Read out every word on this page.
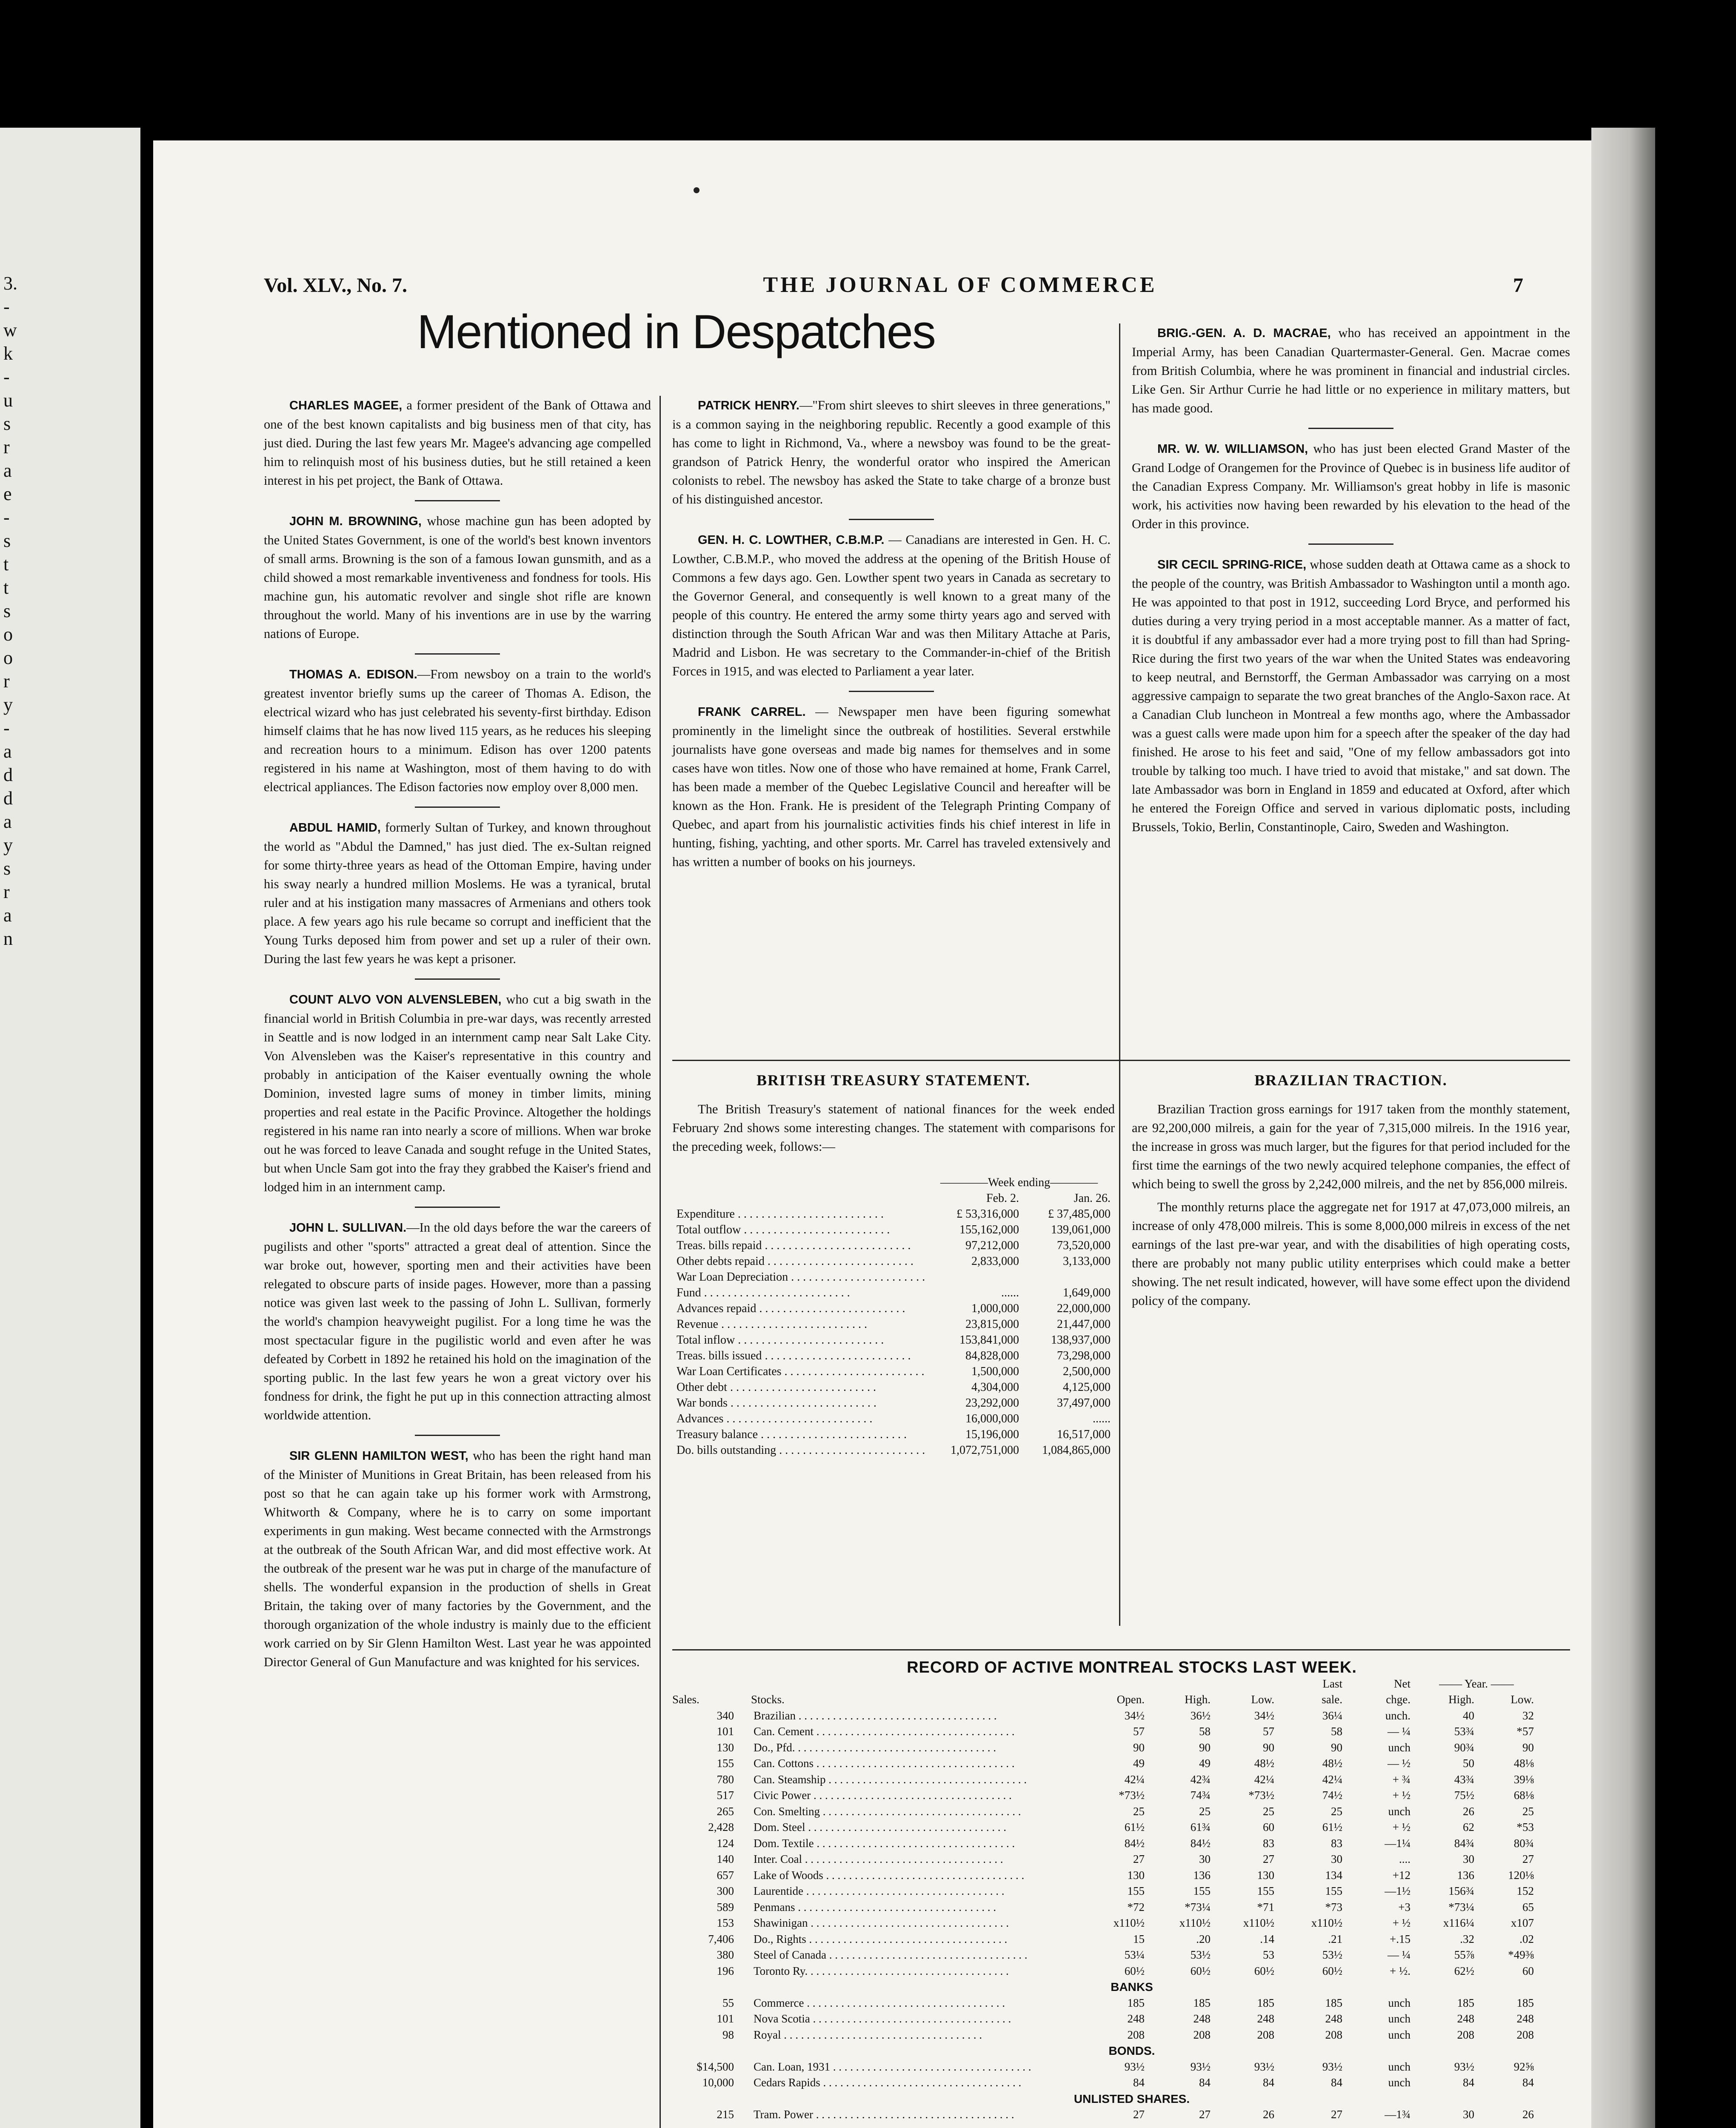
3.
-
w
k
-
u
s
r
a
e
-
s
t
t
s
o
o
r
y
-
a
d
d
a
y
s
r
a
n
Vol. XLV., No. 7.	THE JOURNAL OF COMMERCE	7
Mentioned in Despatches

CHARLES MAGEE, a former president of the Bank of Ottawa and one of the best known capitalists and big business men of that city, has just died. During the last few years Mr. Magee's advancing age compelled him to relinquish most of his business duties, but he still retained a keen interest in his pet project, the Bank of Ottawa.

JOHN M. BROWNING, whose machine gun has been adopted by the United States Government, is one of the world's best known inventors of small arms. Browning is the son of a famous Iowan gunsmith, and as a child showed a most remarkable inventiveness and fondness for tools. His machine gun, his automatic revolver and single shot rifle are known throughout the world. Many of his inventions are in use by the warring nations of Europe.

THOMAS A. EDISON.—From newsboy on a train to the world's greatest inventor briefly sums up the career of Thomas A. Edison, the electrical wizard who has just celebrated his seventy-first birthday. Edison himself claims that he has now lived 115 years, as he reduces his sleeping and recreation hours to a minimum. Edison has over 1200 patents registered in his name at Washington, most of them having to do with electrical appliances. The Edison factories now employ over 8,000 men.

ABDUL HAMID, formerly Sultan of Turkey, and known throughout the world as "Abdul the Damned," has just died. The ex-Sultan reigned for some thirty-three years as head of the Ottoman Empire, having under his sway nearly a hundred million Moslems. He was a tyranical, brutal ruler and at his instigation many massacres of Armenians and others took place. A few years ago his rule became so corrupt and inefficient that the Young Turks deposed him from power and set up a ruler of their own. During the last few years he was kept a prisoner.

COUNT ALVO VON ALVENSLEBEN, who cut a big swath in the financial world in British Columbia in pre-war days, was recently arrested in Seattle and is now lodged in an internment camp near Salt Lake City. Von Alvensleben was the Kaiser's representative in this country and probably in anticipation of the Kaiser eventually owning the whole Dominion, invested lagre sums of money in timber limits, mining properties and real estate in the Pacific Province. Altogether the holdings registered in his name ran into nearly a score of millions. When war broke out he was forced to leave Canada and sought refuge in the United States, but when Uncle Sam got into the fray they grabbed the Kaiser's friend and lodged him in an internment camp.

JOHN L. SULLIVAN.—In the old days before the war the careers of pugilists and other "sports" attracted a great deal of attention. Since the war broke out, however, sporting men and their activities have been relegated to obscure parts of inside pages. However, more than a passing notice was given last week to the passing of John L. Sullivan, formerly the world's champion heavyweight pugilist. For a long time he was the most spectacular figure in the pugilistic world and even after he was defeated by Corbett in 1892 he retained his hold on the imagination of the sporting public. In the last few years he won a great victory over his fondness for drink, the fight he put up in this connection attracting almost worldwide attention.

SIR GLENN HAMILTON WEST, who has been the right hand man of the Minister of Munitions in Great Britain, has been released from his post so that he can again take up his former work with Armstrong, Whitworth & Company, where he is to carry on some important experiments in gun making. West became connected with the Armstrongs at the outbreak of the South African War, and did most effective work. At the outbreak of the present war he was put in charge of the manufacture of shells. The wonderful expansion in the production of shells in Great Britain, the taking over of many factories by the Government, and the thorough organization of the whole industry is mainly due to the efficient work carried on by Sir Glenn Hamilton West. Last year he was appointed Director General of Gun Manufacture and was knighted for his services.

PATRICK HENRY.—"From shirt sleeves to shirt sleeves in three generations," is a common saying in the neighboring republic. Recently a good example of this has come to light in Richmond, Va., where a newsboy was found to be the great-grandson of Patrick Henry, the wonderful orator who inspired the American colonists to rebel. The newsboy has asked the State to take charge of a bronze bust of his distinguished ancestor.

GEN. H. C. LOWTHER, C.B.M.P. — Canadians are interested in Gen. H. C. Lowther, C.B.M.P., who moved the address at the opening of the British House of Commons a few days ago. Gen. Lowther spent two years in Canada as secretary to the Governor General, and consequently is well known to a great many of the people of this country. He entered the army some thirty years ago and served with distinction through the South African War and was then Military Attache at Paris, Madrid and Lisbon. He was secretary to the Commander-in-chief of the British Forces in 1915, and was elected to Parliament a year later.

FRANK CARREL. — Newspaper men have been figuring somewhat prominently in the limelight since the outbreak of hostilities. Several erstwhile journalists have gone overseas and made big names for themselves and in some cases have won titles. Now one of those who have remained at home, Frank Carrel, has been made a member of the Quebec Legislative Council and hereafter will be known as the Hon. Frank. He is president of the Telegraph Printing Company of Quebec, and apart from his journalistic activities finds his chief interest in life in hunting, fishing, yachting, and other sports. Mr. Carrel has traveled extensively and has written a number of books on his journeys.

BRIG.-GEN. A. D. MACRAE, who has received an appointment in the Imperial Army, has been Canadian Quartermaster-General. Gen. Macrae comes from British Columbia, where he was prominent in financial and industrial circles. Like Gen. Sir Arthur Currie he had little or no experience in military matters, but has made good.

MR. W. W. WILLIAMSON, who has just been elected Grand Master of the Grand Lodge of Orangemen for the Province of Quebec is in business life auditor of the Canadian Express Company. Mr. Williamson's great hobby in life is masonic work, his activities now having been rewarded by his elevation to the head of the Order in this province.

SIR CECIL SPRING-RICE, whose sudden death at Ottawa came as a shock to the people of the country, was British Ambassador to Washington until a month ago. He was appointed to that post in 1912, succeeding Lord Bryce, and performed his duties during a very trying period in a most acceptable manner. As a matter of fact, it is doubtful if any ambassador ever had a more trying post to fill than had Spring-Rice during the first two years of the war when the United States was endeavoring to keep neutral, and Bernstorff, the German Ambassador was carrying on a most aggressive campaign to separate the two great branches of the Anglo-Saxon race. At a Canadian Club luncheon in Montreal a few months ago, where the Ambassador was a guest calls were made upon him for a speech after the speaker of the day had finished. He arose to his feet and said, "One of my fellow ambassadors got into trouble by talking too much. I have tried to avoid that mistake," and sat down. The late Ambassador was born in England in 1859 and educated at Oxford, after which he entered the Foreign Office and served in various diplomatic posts, including Brussels, Tokio, Berlin, Constantinople, Cairo, Sweden and Washington.

BRITISH TREASURY STATEMENT.

The British Treasury's statement of national finances for the week ended February 2nd shows some interesting changes. The statement with comparisons for the preceding week, follows:—

————Week ending————
Feb. 2.	Jan. 26.
Expenditure . . .	£ 53,316,000	£ 37,485,000
Total outflow . . .	155,162,000	139,061,000
Treas. bills repaid . . .	97,212,000	73,520,000
Other debts repaid . . .	2,833,000	3,133,000
War Loan Depreciation . . .
Fund . . .	......	1,649,000
Advances repaid . . .	1,000,000	22,000,000
Revenue . . .	23,815,000	21,447,000
Total inflow . . .	153,841,000	138,937,000
Treas. bills issued . . .	84,828,000	73,298,000
War Loan Certificates . . .	1,500,000	2,500,000
Other debt . . .	4,304,000	4,125,000
War bonds . . .	23,292,000	37,497,000
Advances . . .	16,000,000	......
Treasury balance . . .	15,196,000	16,517,000
Do. bills outstanding . . .	1,072,751,000	1,084,865,000
BRAZILIAN TRACTION.

Brazilian Traction gross earnings for 1917 taken from the monthly statement, are 92,200,000 milreis, a gain for the year of 7,315,000 milreis. In the 1916 year, the increase in gross was much larger, but the figures for that period included for the first time the earnings of the two newly acquired telephone companies, the effect of which being to swell the gross by 2,242,000 milreis, and the net by 856,000 milreis.

The monthly returns place the aggregate net for 1917 at 47,073,000 milreis, an increase of only 478,000 milreis. This is some 8,000,000 milreis in excess of the net earnings of the last pre-war year, and with the disabilities of high operating costs, there are probably not many public utility enterprises which could make a better showing. The net result indicated, however, will have some effect upon the dividend policy of the company.

RECORD OF ACTIVE MONTREAL STOCKS LAST WEEK.
Last	Net	—— Year. ——
Sales.	Stocks.	Open.	High.	Low.	sale.	chge.	High.	Low.
340	Brazilian . . .	34½	36½	34½	36¼	unch.	40	32
101	Can. Cement . . .	57	58	57	58	— ¼	53¾	*57
130	Do., Pfd. . . .	90	90	90	90	unch	90¾	90
155	Can. Cottons . . .	49	49	48½	48½	— ½	50	48⅛
780	Can. Steamship . . .	42¼	42¾	42¼	42¼	+ ¾	43¾	39⅛
517	Civic Power . . .	*73½	74¾	*73½	74½	+ ½	75½	68⅛
265	Con. Smelting . . .	25	25	25	25	unch	26	25
2,428	Dom. Steel . . .	61½	61¾	60	61½	+ ½	62	*53
124	Dom. Textile . . .	84½	84½	83	83	—1¼	84¾	80¾
140	Inter. Coal . . .	27	30	27	30	....	30	27
657	Lake of Woods . . .	130	136	130	134	+12	136	120⅛
300	Laurentide . . .	155	155	155	155	—1½	156¾	152
589	Penmans . . .	*72	*73¼	*71	*73	+3	*73¼	65
153	Shawinigan . . .	x110½	x110½	x110½	x110½	+ ½	x116¼	x107
7,406	Do., Rights . . .	15	.20	.14	.21	+.15	.32	.02
380	Steel of Canada . . .	53¼	53½	53	53½	— ¼	55⅞	*49⅜
196	Toronto Ry. . . .	60½	60½	60½	60½	+ ½.	62½	60
BANKS
55	Commerce . . .	185	185	185	185	unch	185	185
101	Nova Scotia . . .	248	248	248	248	unch	248	248
98	Royal . . .	208	208	208	208	unch	208	208
BONDS.
$14,500	Can. Loan, 1931 . . .	93½	93½	93½	93½	unch	93½	92⅝
10,000	Cedars Rapids . . .	84	84	84	84	unch	84	84
UNLISTED SHARES.
215	Tram. Power . . .	27	27	26	27	—1¾	30	26
